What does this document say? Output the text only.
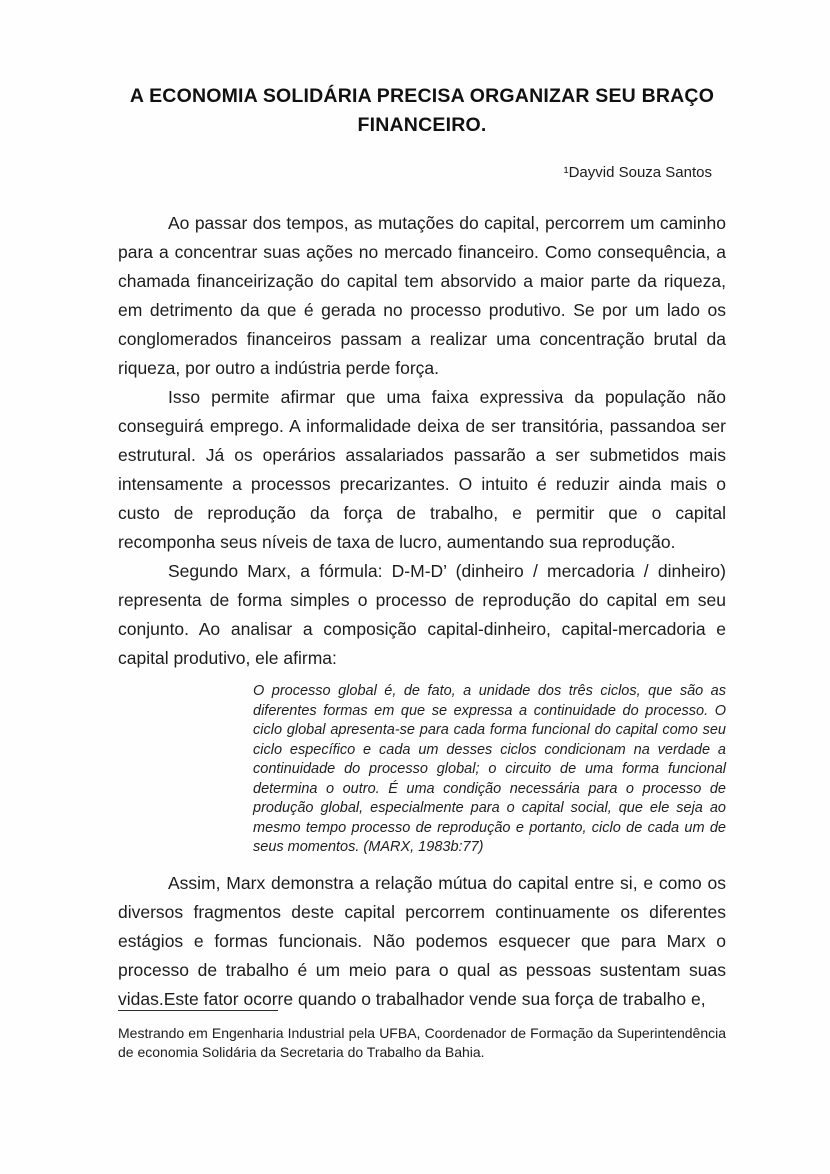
A ECONOMIA SOLIDÁRIA PRECISA ORGANIZAR SEU BRAÇO
FINANCEIRO.
¹Dayvid Souza Santos

Ao passar dos tempos, as mutações do capital, percorrem um caminho para a concentrar suas ações no mercado financeiro. Como consequência, a chamada financeirização do capital tem absorvido a maior parte da riqueza, em detrimento da que é gerada no processo produtivo. Se por um lado os conglomerados financeiros passam a realizar uma concentração brutal da riqueza, por outro a indústria perde força.

Isso permite afirmar que uma faixa expressiva da população não conseguirá emprego. A informalidade deixa de ser transitória, passandoa ser estrutural. Já os operários assalariados passarão a ser submetidos mais intensamente a processos precarizantes. O intuito é reduzir ainda mais o custo de reprodução da força de trabalho, e permitir que o capital recomponha seus níveis de taxa de lucro, aumentando sua reprodução.

Segundo Marx, a fórmula: D-M-D’ (dinheiro / mercadoria / dinheiro) representa de forma simples o processo de reprodução do capital em seu conjunto. Ao analisar a composição capital-dinheiro, capital-mercadoria e capital produtivo, ele afirma:

O processo global é, de fato, a unidade dos três ciclos, que são as diferentes formas em que se expressa a continuidade do processo. O ciclo global apresenta-se para cada forma funcional do capital como seu ciclo específico e cada um desses ciclos condicionam na verdade a continuidade do processo global; o circuito de uma forma funcional determina o outro. É uma condição necessária para o processo de produção global, especialmente para o capital social, que ele seja ao mesmo tempo processo de reprodução e portanto, ciclo de cada um de seus momentos. (MARX, 1983b:77)

Assim, Marx demonstra a relação mútua do capital entre si, e como os diversos fragmentos deste capital percorrem continuamente os diferentes estágios e formas funcionais. Não podemos esquecer que para Marx o processo de trabalho é um meio para o qual as pessoas sustentam suas vidas.Este fator ocorre quando o trabalhador vende sua força de trabalho e,

Mestrando em Engenharia Industrial pela UFBA, Coordenador de Formação da Superintendência de economia Solidária da Secretaria do Trabalho da Bahia.
